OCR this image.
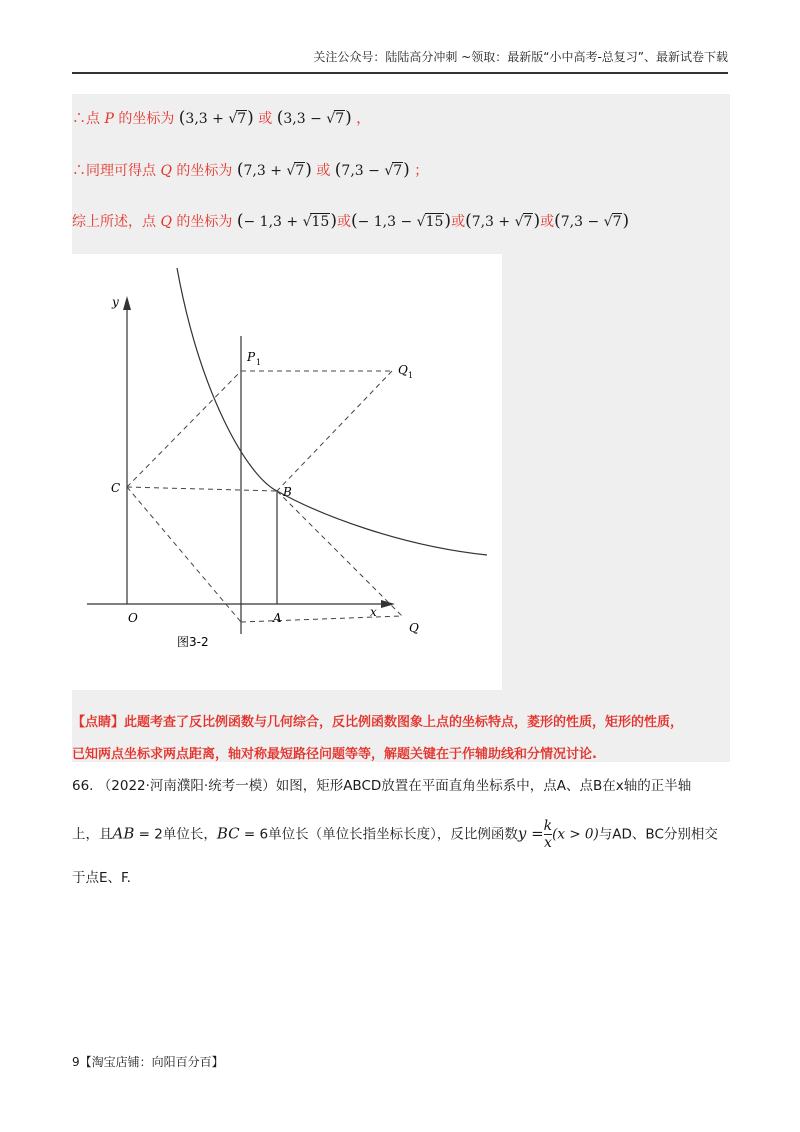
关注公众号：陆陆高分冲刺 ~领取：最新版“小中高考-总复习”、最新试卷下载
∴点 P 的坐标为 (3,3 + √7) 或 (3,3 − √7) ，
∴同理可得点 Q 的坐标为 (7,3 + √7) 或 (7,3 − √7) ；
综上所述，点 Q 的坐标为 (− 1,3 + √15)或(− 1,3 − √15)或(7,3 + √7)或(7,3 − √7)
y
x
O	A
B
C
Q
P 1
Q 1
图3-2
【点睛】此题考查了反比例函数与几何综合，反比例函数图象上点的坐标特点，菱形的性质，矩形的性质，
已知两点坐标求两点距离，轴对称最短路径问题等等，解题关键在于作辅助线和分情况讨论.
66. （2022·河南濮阳·统考一模）如图，矩形ABCD放置在平面直角坐标系中，点A、点B在x轴的正半轴
上，且AB = 2单位长，BC = 6单位长（单位长指坐标长度），反比例函数$y = \frac{k}{x} (x > 0)$与AD、BC分别相交
于点E、F.
9【淘宝店铺：向阳百分百】
